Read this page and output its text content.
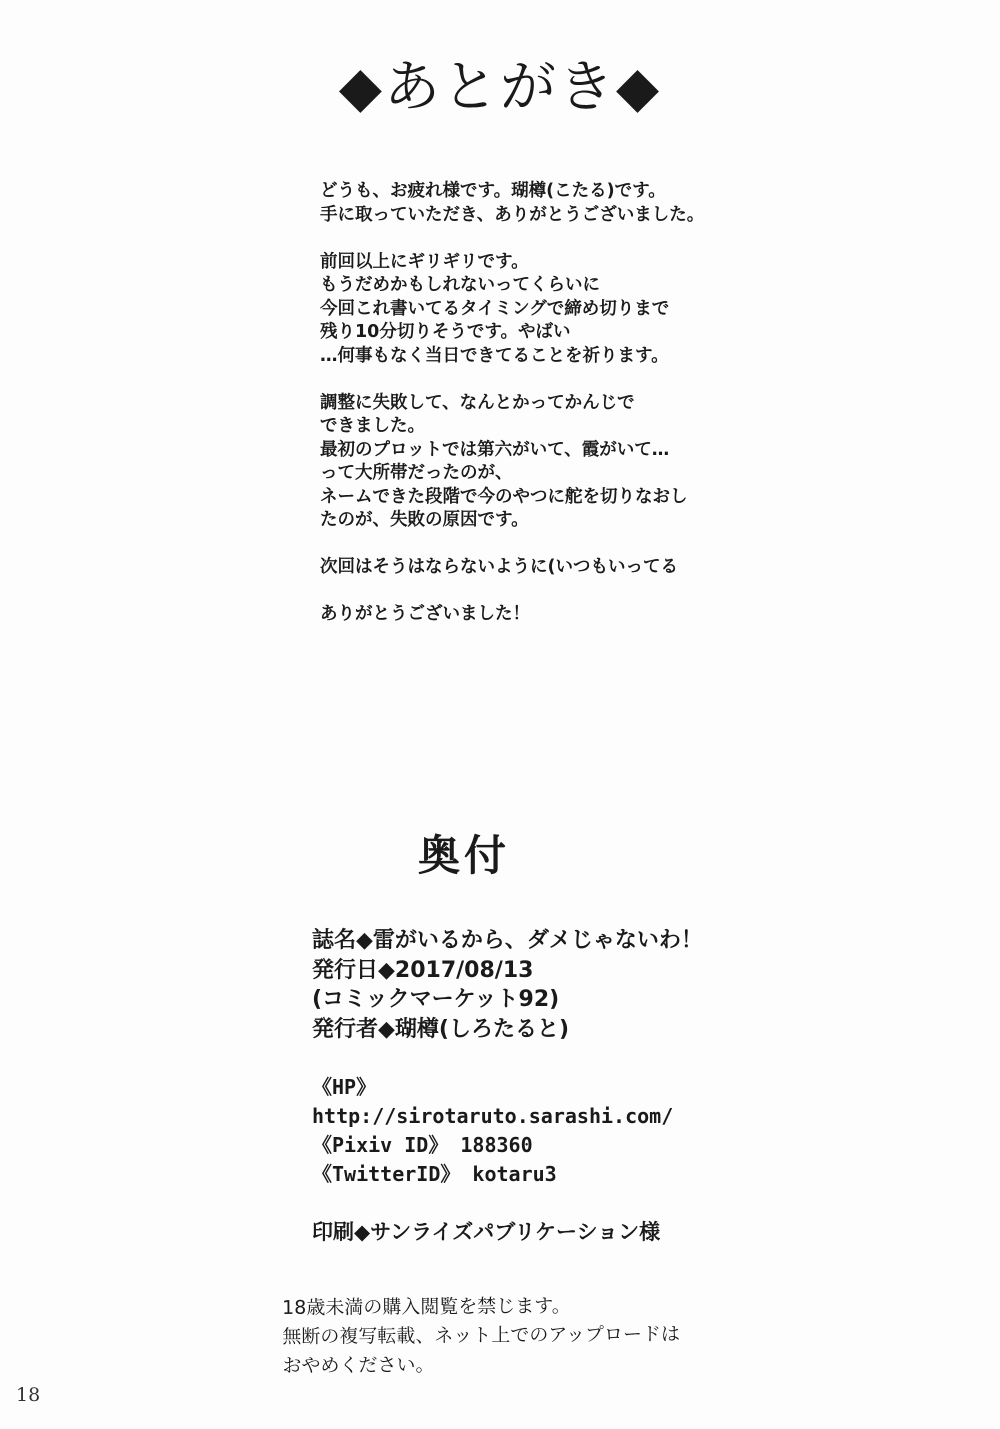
◆あとがき◆

どうも、お疲れ様です。瑚樽(こたる)です。
手に取っていただき、ありがとうございました。

前回以上にギリギリです。
もうだめかもしれないってくらいに
今回これ書いてるタイミングで締め切りまで
残り10分切りそうです。やばい
…何事もなく当日できてることを祈ります。

調整に失敗して、なんとかってかんじで
できました。
最初のプロットでは第六がいて、霞がいて…
って大所帯だったのが、
ネームできた段階で今のやつに舵を切りなおし
たのが、失敗の原因です。

次回はそうはならないように(いつもいってる

ありがとうございました！

奥付
誌名◆雷がいるから、ダメじゃないわ！
発行日◆2017/08/13
(コミックマーケット92)
発行者◆瑚樽(しろたると)
《HP》
http://sirotaruto.sarashi.com/
《Pixiv ID》 188360
《TwitterID》 kotaru3
印刷◆サンライズパブリケーション様
18歳未満の購入閲覧を禁じます。
無断の複写転載、ネット上でのアップロードは
おやめください。
18
